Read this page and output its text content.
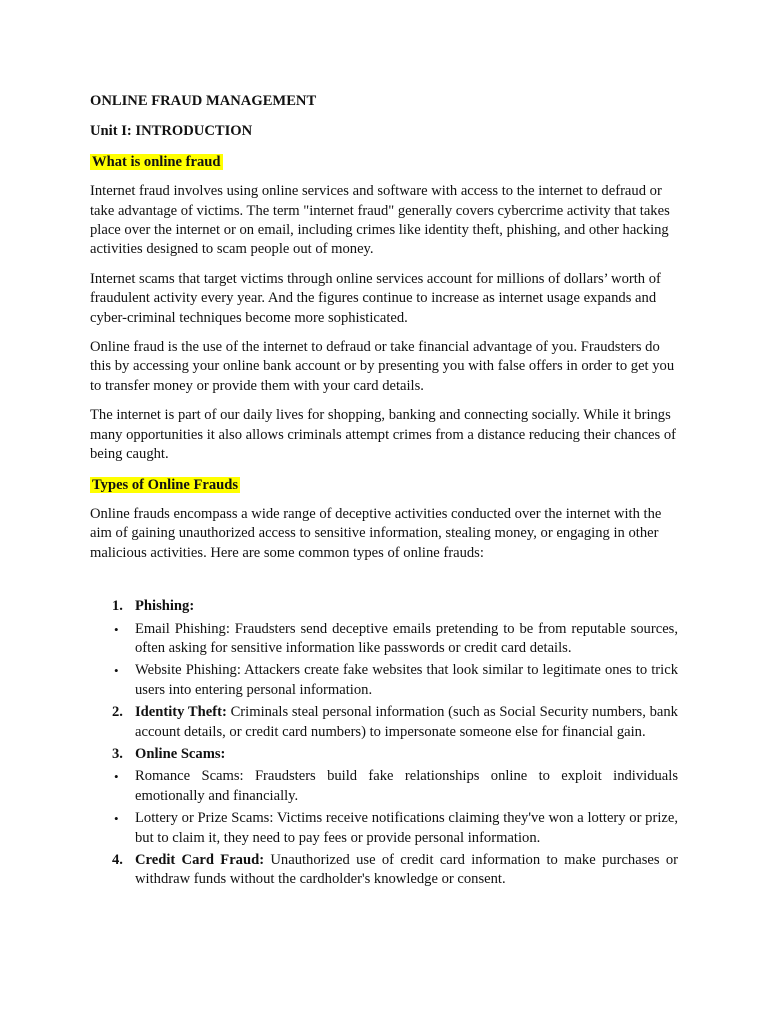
ONLINE FRAUD MANAGEMENT

Unit I: INTRODUCTION

What is online fraud

Internet fraud involves using online services and software with access to the internet to defraud or take advantage of victims. The term "internet fraud" generally covers cybercrime activity that takes place over the internet or on email, including crimes like identity theft, phishing, and other hacking activities designed to scam people out of money.

Internet scams that target victims through online services account for millions of dollars’ worth of fraudulent activity every year. And the figures continue to increase as internet usage expands and cyber-criminal techniques become more sophisticated.

Online fraud is the use of the internet to defraud or take financial advantage of you. Fraudsters do this by accessing your online bank account or by presenting you with false offers in order to get you to transfer money or provide them with your card details.

The internet is part of our daily lives for shopping, banking and connecting socially. While it brings many opportunities it also allows criminals attempt crimes from a distance reducing their chances of being caught.

Types of Online Frauds

Online frauds encompass a wide range of deceptive activities conducted over the internet with the aim of gaining unauthorized access to sensitive information, stealing money, or engaging in other malicious activities. Here are some common types of online frauds:

1. Phishing:
•	Email Phishing: Fraudsters send deceptive emails pretending to be from reputable sources, often asking for sensitive information like passwords or credit card details.
•	Website Phishing: Attackers create fake websites that look similar to legitimate ones to trick users into entering personal information.
2. Identity Theft: Criminals steal personal information (such as Social Security numbers, bank account details, or credit card numbers) to impersonate someone else for financial gain.
3. Online Scams:
•	Romance Scams: Fraudsters build fake relationships online to exploit individuals emotionally and financially.
•	Lottery or Prize Scams: Victims receive notifications claiming they've won a lottery or prize, but to claim it, they need to pay fees or provide personal information.
4. Credit Card Fraud: Unauthorized use of credit card information to make purchases or withdraw funds without the cardholder's knowledge or consent.
